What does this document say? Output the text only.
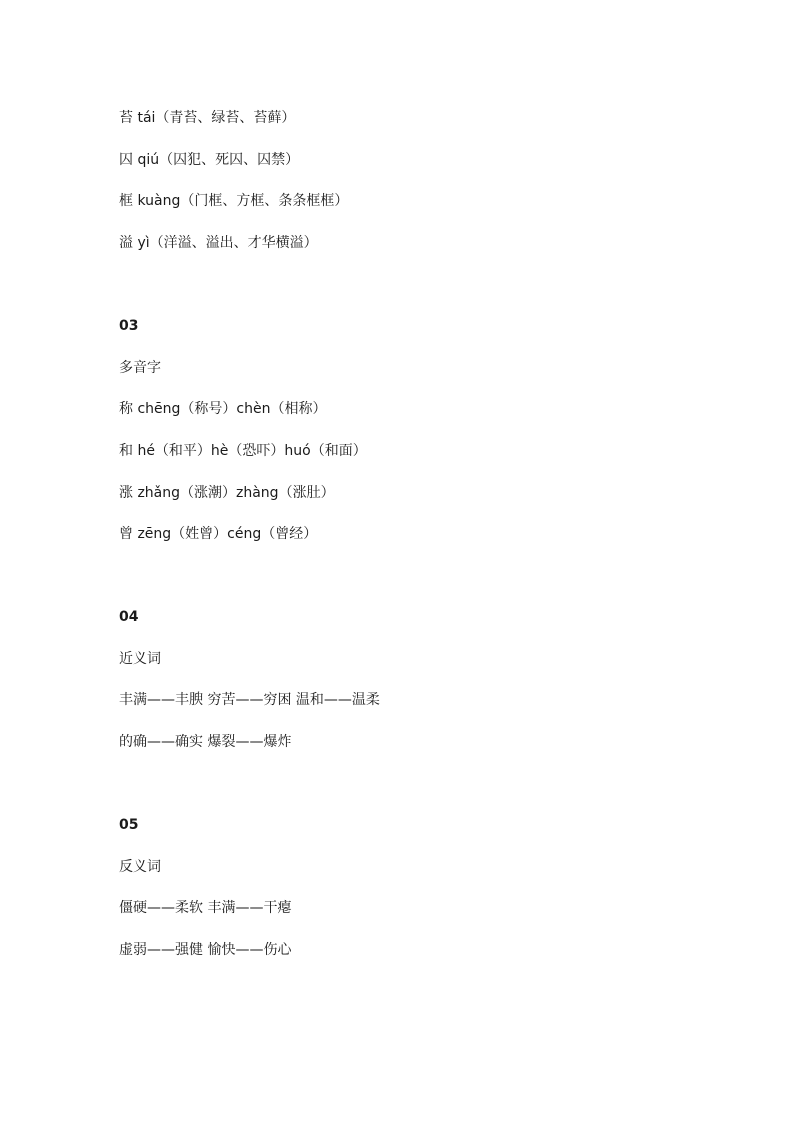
苔 tái（青苔、绿苔、苔藓）
囚 qiú（囚犯、死囚、囚禁）
框 kuàng（门框、方框、条条框框）
溢 yì（洋溢、溢出、才华横溢）
03
多音字
称 chēng（称号）chèn（相称）
和 hé（和平）hè（恐吓）huó（和面）
涨 zhǎng（涨潮）zhàng（涨肚）
曾 zēng（姓曾）céng（曾经）
04
近义词
丰满——丰腴 穷苦——穷困 温和——温柔
的确——确实 爆裂——爆炸
05
反义词
僵硬——柔软 丰满——干瘪
虚弱——强健 愉快——伤心
